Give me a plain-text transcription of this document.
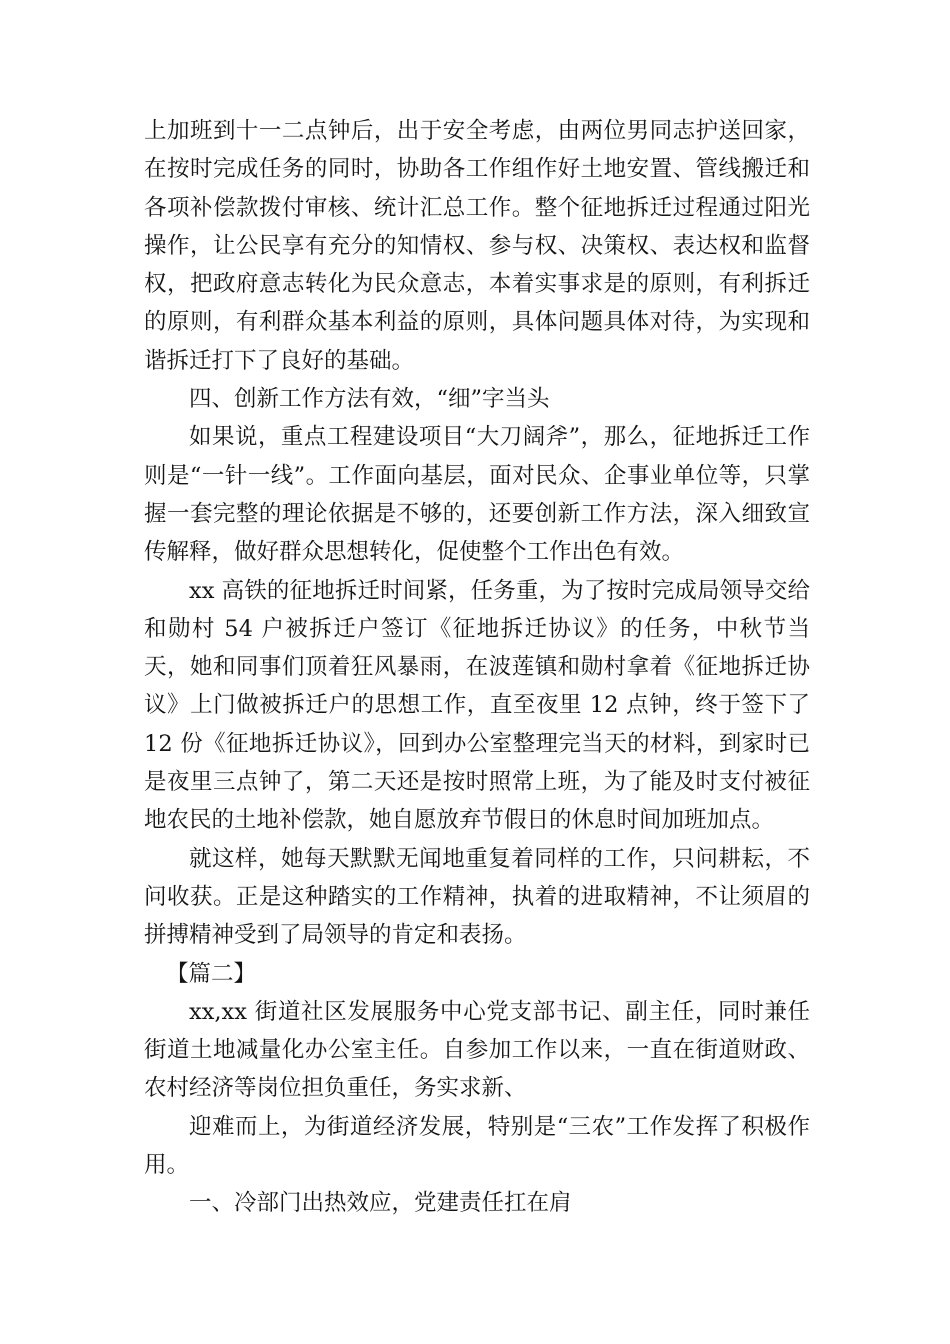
上加班到十一二点钟后，出于安全考虑，由两位男同志护送回家，在按时完成任务的同时，协助各工作组作好土地安置、管线搬迁和各项补偿款拨付审核、统计汇总工作。整个征地拆迁过程通过阳光操作，让公民享有充分的知情权、参与权、决策权、表达权和监督权，把政府意志转化为民众意志，本着实事求是的原则，有利拆迁的原则，有利群众基本利益的原则，具体问题具体对待，为实现和谐拆迁打下了良好的基础。

四、创新工作方法有效，“细”字当头

如果说，重点工程建设项目“大刀阔斧”，那么，征地拆迁工作则是“一针一线”。工作面向基层，面对民众、企事业单位等，只掌握一套完整的理论依据是不够的，还要创新工作方法，深入细致宣传解释，做好群众思想转化，促使整个工作出色有效。

xx 高铁的征地拆迁时间紧，任务重，为了按时完成局领导交给和勋村 54 户被拆迁户签订《征地拆迁协议》的任务，中秋节当天，她和同事们顶着狂风暴雨，在波莲镇和勋村拿着《征地拆迁协议》上门做被拆迁户的思想工作，直至夜里 12 点钟，终于签下了 12 份《征地拆迁协议》，回到办公室整理完当天的材料，到家时已是夜里三点钟了，第二天还是按时照常上班，为了能及时支付被征地农民的土地补偿款，她自愿放弃节假日的休息时间加班加点。

就这样，她每天默默无闻地重复着同样的工作，只问耕耘，不问收获。正是这种踏实的工作精神，执着的进取精神，不让须眉的拼搏精神受到了局领导的肯定和表扬。

【篇二】

xx,xx 街道社区发展服务中心党支部书记、副主任，同时兼任街道土地减量化办公室主任。自参加工作以来，一直在街道财政、农村经济等岗位担负重任，务实求新、

迎难而上，为街道经济发展，特别是“三农”工作发挥了积极作用。

一、冷部门出热效应，党建责任扛在肩
